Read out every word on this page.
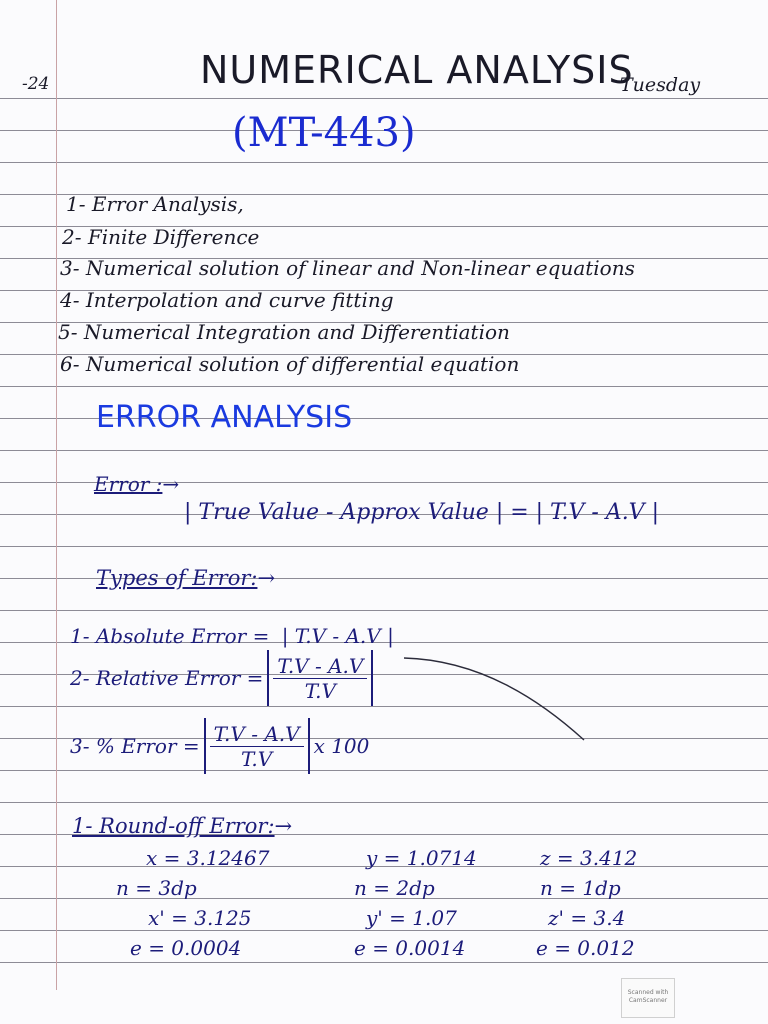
-24	NUMERICAL ANALYSIS
Tuesday
(MT-443)
1- Error Analysis,
2- Finite Difference
3- Numerical solution of linear and Non-linear equations
4- Interpolation and curve fitting
5- Numerical Integration and Differentiation
6- Numerical solution of differential equation
ERROR ANALYSIS
Error :→
| True Value - Approx Value | = | T.V - A.V |
Types of Error:→
1- Absolute Error = | T.V - A.V |
2- Relative Error = $\frac{T.V - A.V}{T.V}$
3- % Error = $\frac{T.V - A.V}{T.V}$ x 100
1- Round-off Error:→
x = 3.12467
n = 3dp
x' = 3.125
e = 0.0004
y = 1.0714
n = 2dp
y' = 1.07
e = 0.0014
z = 3.412
n = 1dp
z' = 3.4
e = 0.012
Scanned with
CamScanner
